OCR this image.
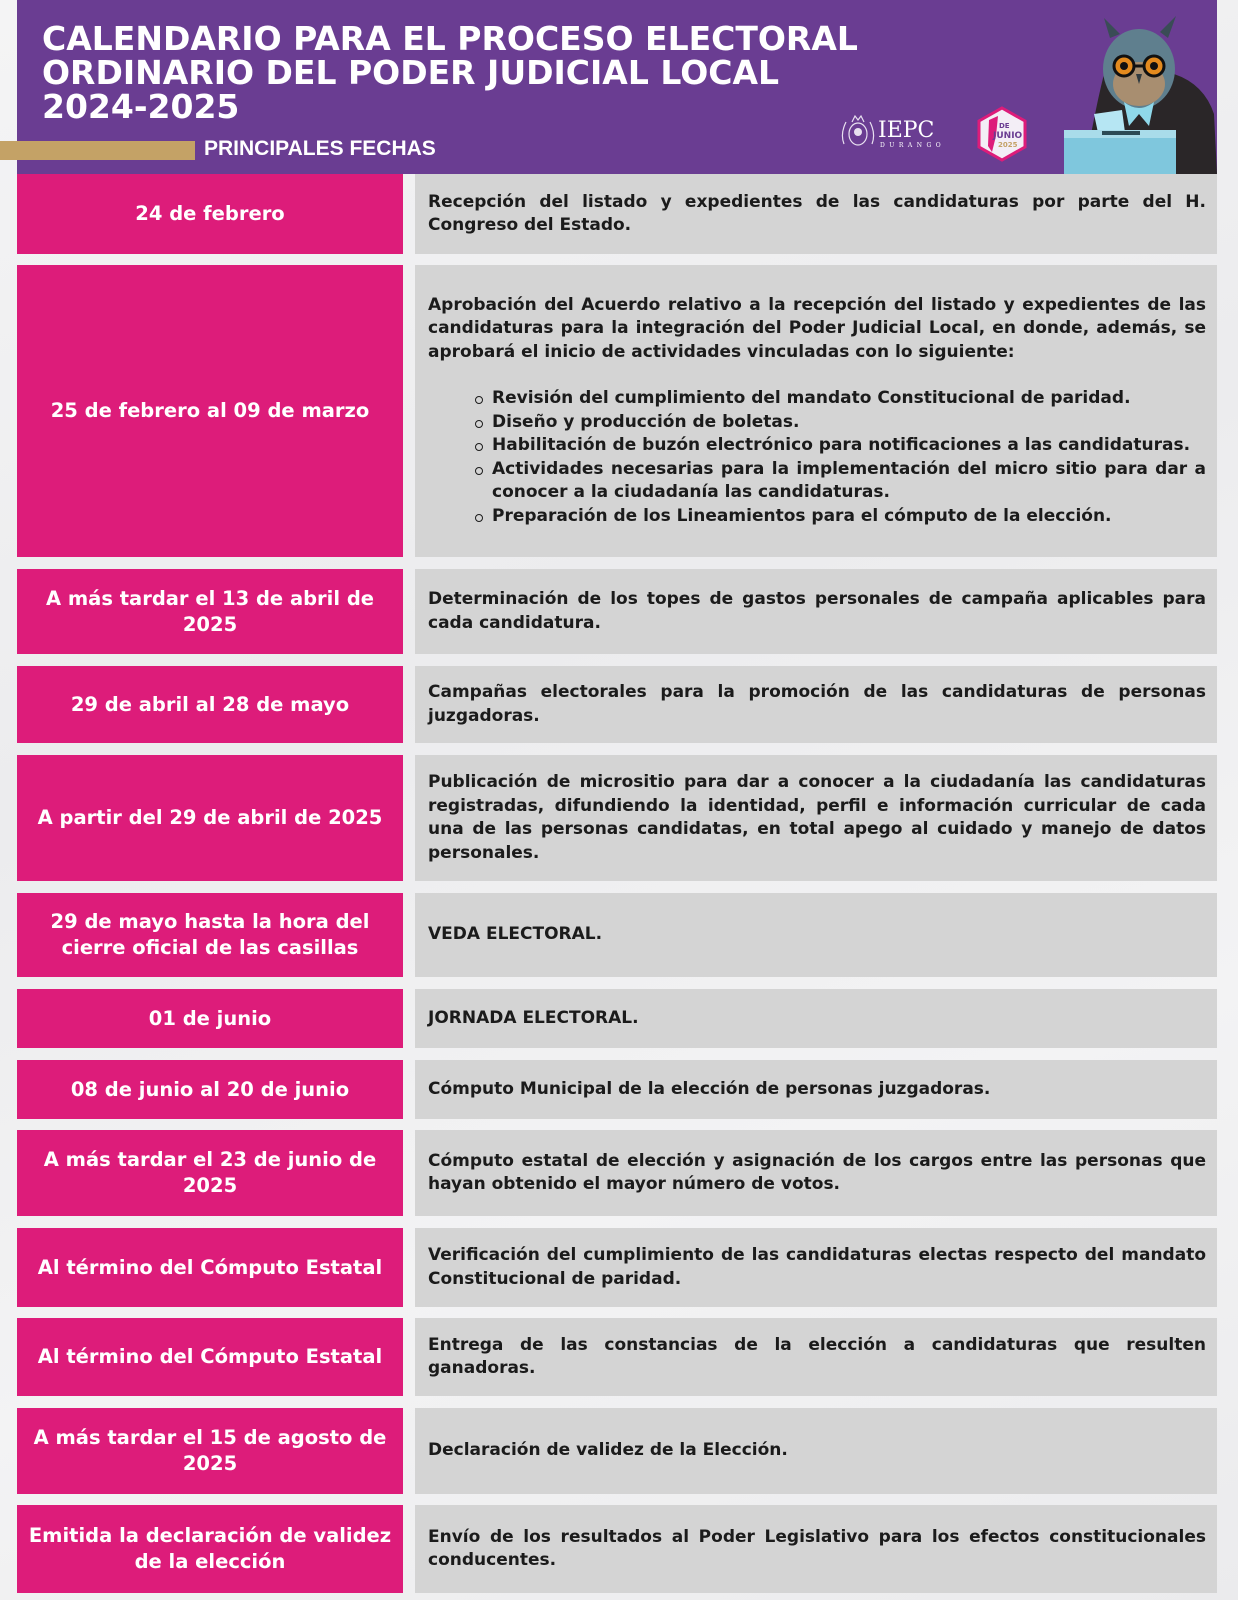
CALENDARIO PARA EL PROCESO ELECTORAL
ORDINARIO DEL PODER JUDICIAL LOCAL
2024-2025
PRINCIPALES FECHAS
IEPC
DURANGO
DE
JUNIO
2025
24 de febrero

Recepción del listado y expedientes de las candidaturas por parte del H. Congreso del Estado.

25 de febrero al 09 de marzo

Aprobación del Acuerdo relativo a la recepción del listado y expedientes de las candidaturas para la integración del Poder Judicial Local, en donde, además, se aprobará el inicio de actividades vinculadas con lo siguiente:

Revisión del cumplimiento del mandato Constitucional de paridad.
Diseño y producción de boletas.
Habilitación de buzón electrónico para notificaciones a las candidaturas.
Actividades necesarias para la implementación del micro sitio para dar a conocer a la ciudadanía las candidaturas.
Preparación de los Lineamientos para el cómputo de la elección.
A más tardar el 13 de abril de 2025

Determinación de los topes de gastos personales de campaña aplicables para cada candidatura.

29 de abril al 28 de mayo

Campañas electorales para la promoción de las candidaturas de personas juzgadoras.

A partir del 29 de abril de 2025

Publicación de micrositio para dar a conocer a la ciudadanía las candidaturas registradas, difundiendo la identidad, perfil e información curricular de cada una de las personas candidatas, en total apego al cuidado y manejo de datos personales.

29 de mayo hasta la hora del cierre oficial de las casillas

VEDA ELECTORAL.

01 de junio	JORNADA ELECTORAL.

08 de junio al 20 de junio	Cómputo Municipal de la elección de personas juzgadoras.

A más tardar el 23 de junio de 2025

Cómputo estatal de elección y asignación de los cargos entre las personas que hayan obtenido el mayor número de votos.

Al término del Cómputo Estatal

Verificación del cumplimiento de las candidaturas electas respecto del mandato Constitucional de paridad.

Al término del Cómputo Estatal

Entrega de las constancias de la elección a candidaturas que resulten ganadoras.

A más tardar el 15 de agosto de 2025

Declaración de validez de la Elección.

Emitida la declaración de validez de la elección

Envío de los resultados al Poder Legislativo para los efectos constitucionales conducentes.
